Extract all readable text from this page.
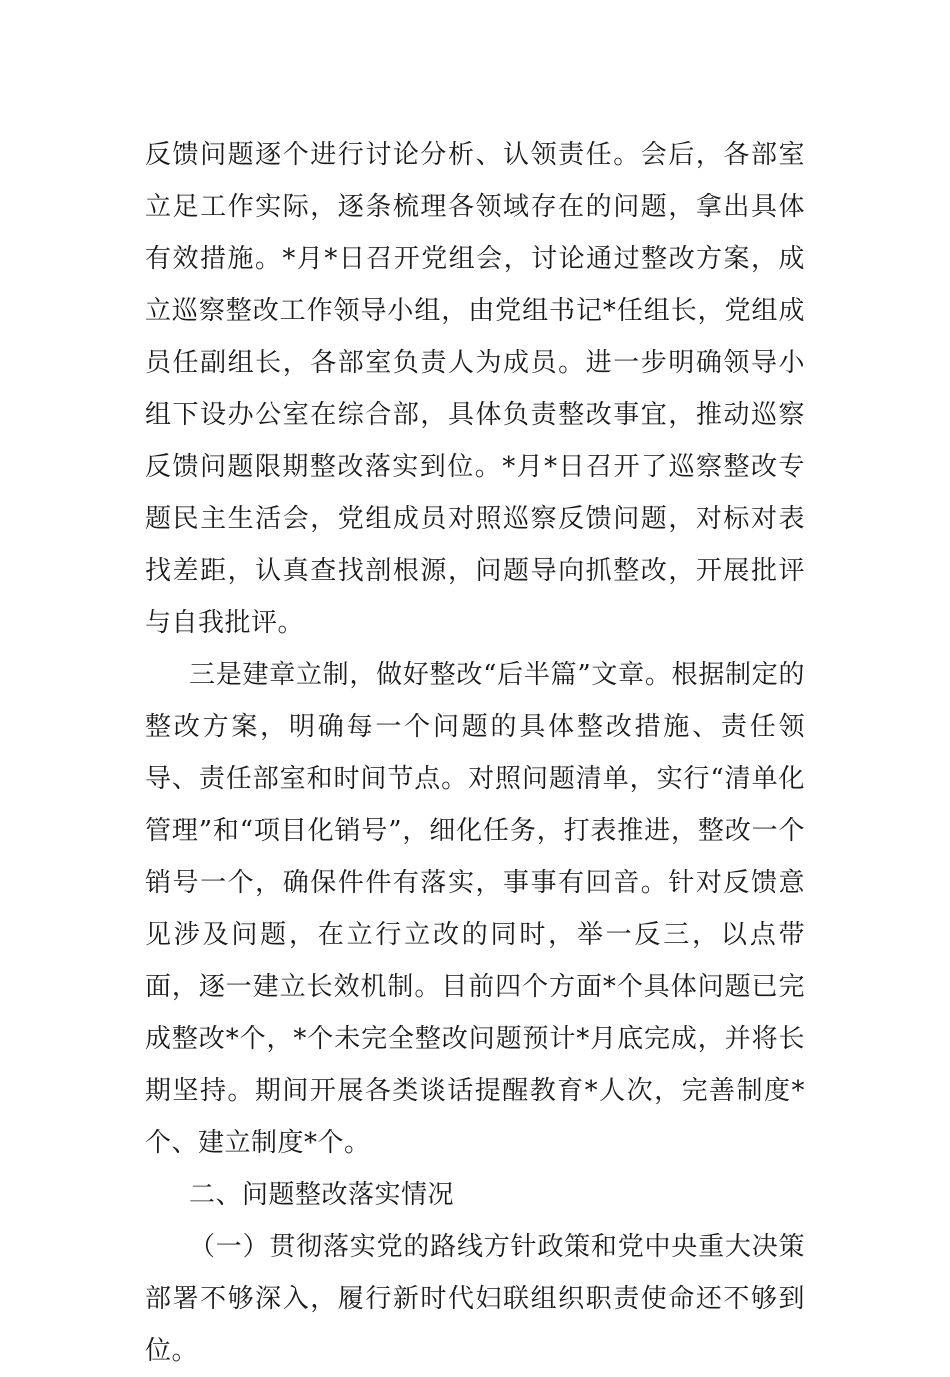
反馈问题逐个进行讨论分析、认领责任。会后，各部室立足工作实际，逐条梳理各领域存在的问题，拿出具体有效措施。*月*日召开党组会，讨论通过整改方案，成立巡察整改工作领导小组，由党组书记*任组长，党组成员任副组长，各部室负责人为成员。进一步明确领导小组下设办公室在综合部，具体负责整改事宜，推动巡察反馈问题限期整改落实到位。*月*日召开了巡察整改专题民主生活会，党组成员对照巡察反馈问题，对标对表找差距，认真查找剖根源，问题导向抓整改，开展批评与自我批评。

三是建章立制，做好整改“后半篇”文章。根据制定的整改方案，明确每一个问题的具体整改措施、责任领导、责任部室和时间节点。对照问题清单，实行“清单化管理”和“项目化销号”，细化任务，打表推进，整改一个销号一个，确保件件有落实，事事有回音。针对反馈意见涉及问题，在立行立改的同时，举一反三，以点带面，逐一建立长效机制。目前四个方面*个具体问题已完成整改*个，*个未完全整改问题预计*月底完成，并将长期坚持。期间开展各类谈话提醒教育*人次，完善制度*个、建立制度*个。

二、问题整改落实情况

（一）贯彻落实党的路线方针政策和党中央重大决策部署不够深入，履行新时代妇联组织职责使命还不够到位。
